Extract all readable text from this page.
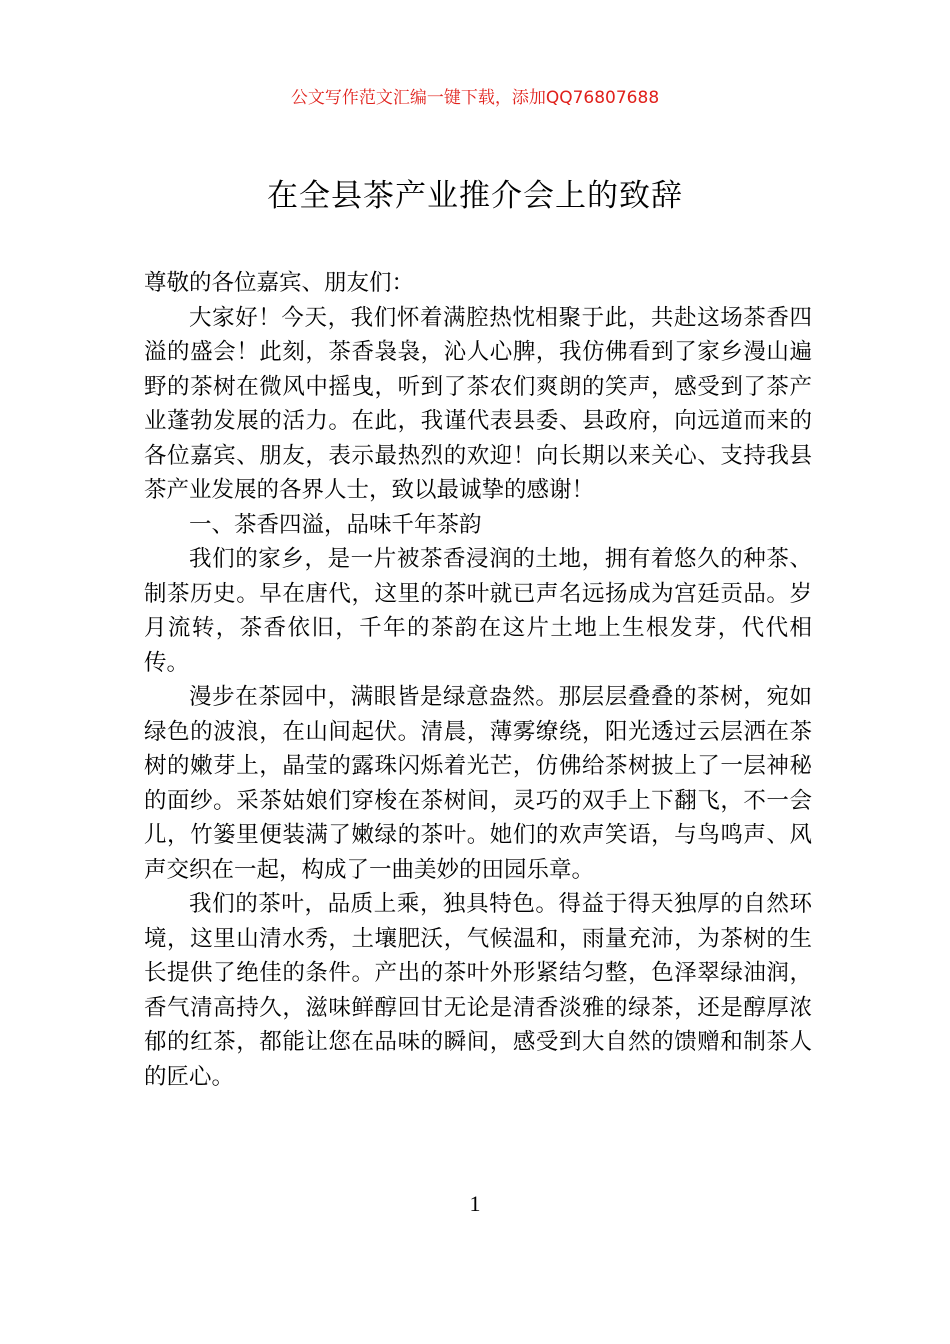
公文写作范文汇编一键下载，添加QQ76807688
在全县茶产业推介会上的致辞

尊敬的各位嘉宾、朋友们：

大家好！今天，我们怀着满腔热忱相聚于此，共赴这场茶香四溢的盛会！此刻，茶香袅袅，沁人心脾，我仿佛看到了家乡漫山遍野的茶树在微风中摇曳，听到了茶农们爽朗的笑声，感受到了茶产业蓬勃发展的活力。在此，我谨代表县委、县政府，向远道而来的各位嘉宾、朋友，表示最热烈的欢迎！向长期以来关心、支持我县茶产业发展的各界人士，致以最诚挚的感谢！

一、茶香四溢，品味千年茶韵

我们的家乡，是一片被茶香浸润的土地，拥有着悠久的种茶、制茶历史。早在唐代，这里的茶叶就已声名远扬成为宫廷贡品。岁月流转，茶香依旧，千年的茶韵在这片土地上生根发芽，代代相传。

漫步在茶园中，满眼皆是绿意盎然。那层层叠叠的茶树，宛如绿色的波浪，在山间起伏。清晨，薄雾缭绕，阳光透过云层洒在茶树的嫩芽上，晶莹的露珠闪烁着光芒，仿佛给茶树披上了一层神秘的面纱。采茶姑娘们穿梭在茶树间，灵巧的双手上下翻飞，不一会儿，竹篓里便装满了嫩绿的茶叶。她们的欢声笑语，与鸟鸣声、风声交织在一起，构成了一曲美妙的田园乐章。

我们的茶叶，品质上乘，独具特色。得益于得天独厚的自然环境，这里山清水秀，土壤肥沃，气候温和，雨量充沛，为茶树的生长提供了绝佳的条件。产出的茶叶外形紧结匀整，色泽翠绿油润，香气清高持久，滋味鲜醇回甘无论是清香淡雅的绿茶，还是醇厚浓郁的红茶，都能让您在品味的瞬间，感受到大自然的馈赠和制茶人的匠心。

1
